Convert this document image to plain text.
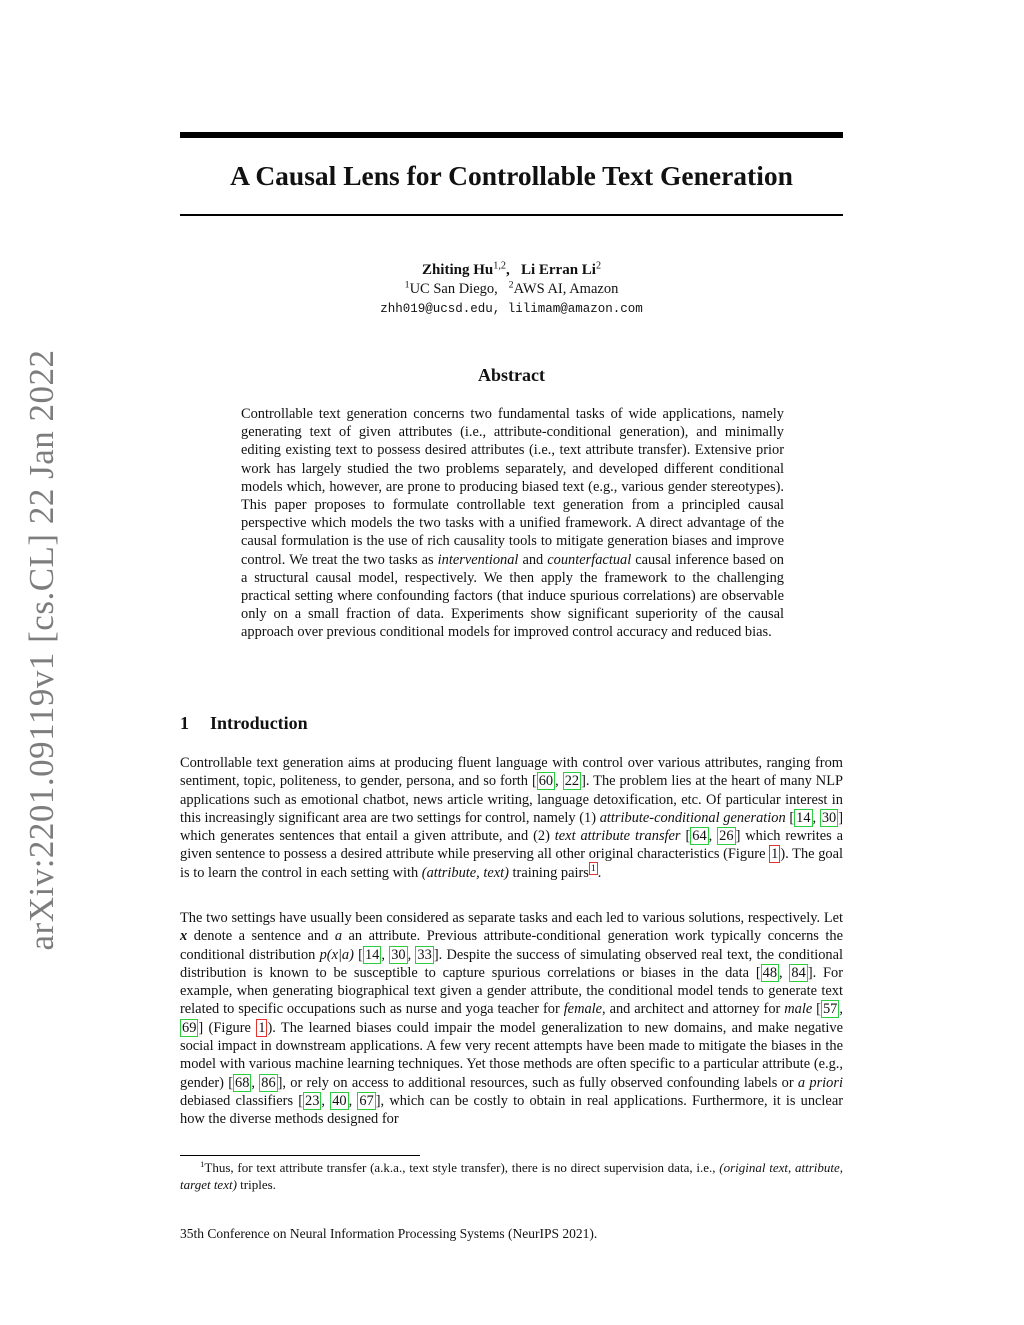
arXiv:2201.09119v1 [cs.CL] 22 Jan 2022
A Causal Lens for Controllable Text Generation
Zhiting Hu$^{1,2}$, Li Erran Li$^2$
$^1$UC San Diego, $^2$AWS AI, Amazon
zhh019@ucsd.edu, lilimam@amazon.com
Abstract

Controllable text generation concerns two fundamental tasks of wide applications, namely generating text of given attributes (i.e., attribute-conditional generation), and minimally editing existing text to possess desired attributes (i.e., text attribute transfer). Extensive prior work has largely studied the two problems separately, and developed different conditional models which, however, are prone to producing biased text (e.g., various gender stereotypes). This paper proposes to formulate controllable text generation from a principled causal perspective which models the two tasks with a unified framework. A direct advantage of the causal formulation is the use of rich causality tools to mitigate generation biases and improve control. We treat the two tasks as interventional and counterfactual causal inference based on a structural causal model, respectively. We then apply the framework to the challenging practical setting where confounding factors (that induce spurious correlations) are observable only on a small fraction of data. Experiments show significant superiority of the causal approach over previous conditional models for improved control accuracy and reduced bias.

1 Introduction

Controllable text generation aims at producing fluent language with control over various attributes, ranging from sentiment, topic, politeness, to gender, persona, and so forth [ 60 , 22 ]. The problem lies at the heart of many NLP applications such as emotional chatbot, news article writing, language detoxification, etc. Of particular interest in this increasingly significant area are two settings for control, namely (1) attribute-conditional generation [ 14 , 30 ] which generates sentences that entail a given attribute, and (2) text attribute transfer [ 64 , 26 ] which rewrites a given sentence to possess a desired attribute while preserving all other original characteristics (Figure 1 ). The goal is to learn the control in each setting with (attribute, text) training pairs $^1$ .

The two settings have usually been considered as separate tasks and each led to various solutions, respectively. Let x denote a sentence and a an attribute. Previous attribute-conditional generation work typically concerns the conditional distribution p(x|a) [ 14 , 30 , 33 ]. Despite the success of simulating observed real text, the conditional distribution is known to be susceptible to capture spurious correlations or biases in the data [ 48 , 84 ]. For example, when generating biographical text given a gender attribute, the conditional model tends to generate text related to specific occupations such as nurse and yoga teacher for female, and architect and attorney for male [ 57 , 69 ] (Figure 1 ). The learned biases could impair the model generalization to new domains, and make negative social impact in downstream applications. A few very recent attempts have been made to mitigate the biases in the model with various machine learning techniques. Yet those methods are often specific to a particular attribute (e.g., gender) [ 68 , 86 ], or rely on access to additional resources, such as fully observed confounding labels or a priori debiased classifiers [ 23 , 40 , 67 ], which can be costly to obtain in real applications. Furthermore, it is unclear how the diverse methods designed for

$^1$Thus, for text attribute transfer (a.k.a., text style transfer), there is no direct supervision data, i.e., (original text, attribute, target text) triples.

35th Conference on Neural Information Processing Systems (NeurIPS 2021).
